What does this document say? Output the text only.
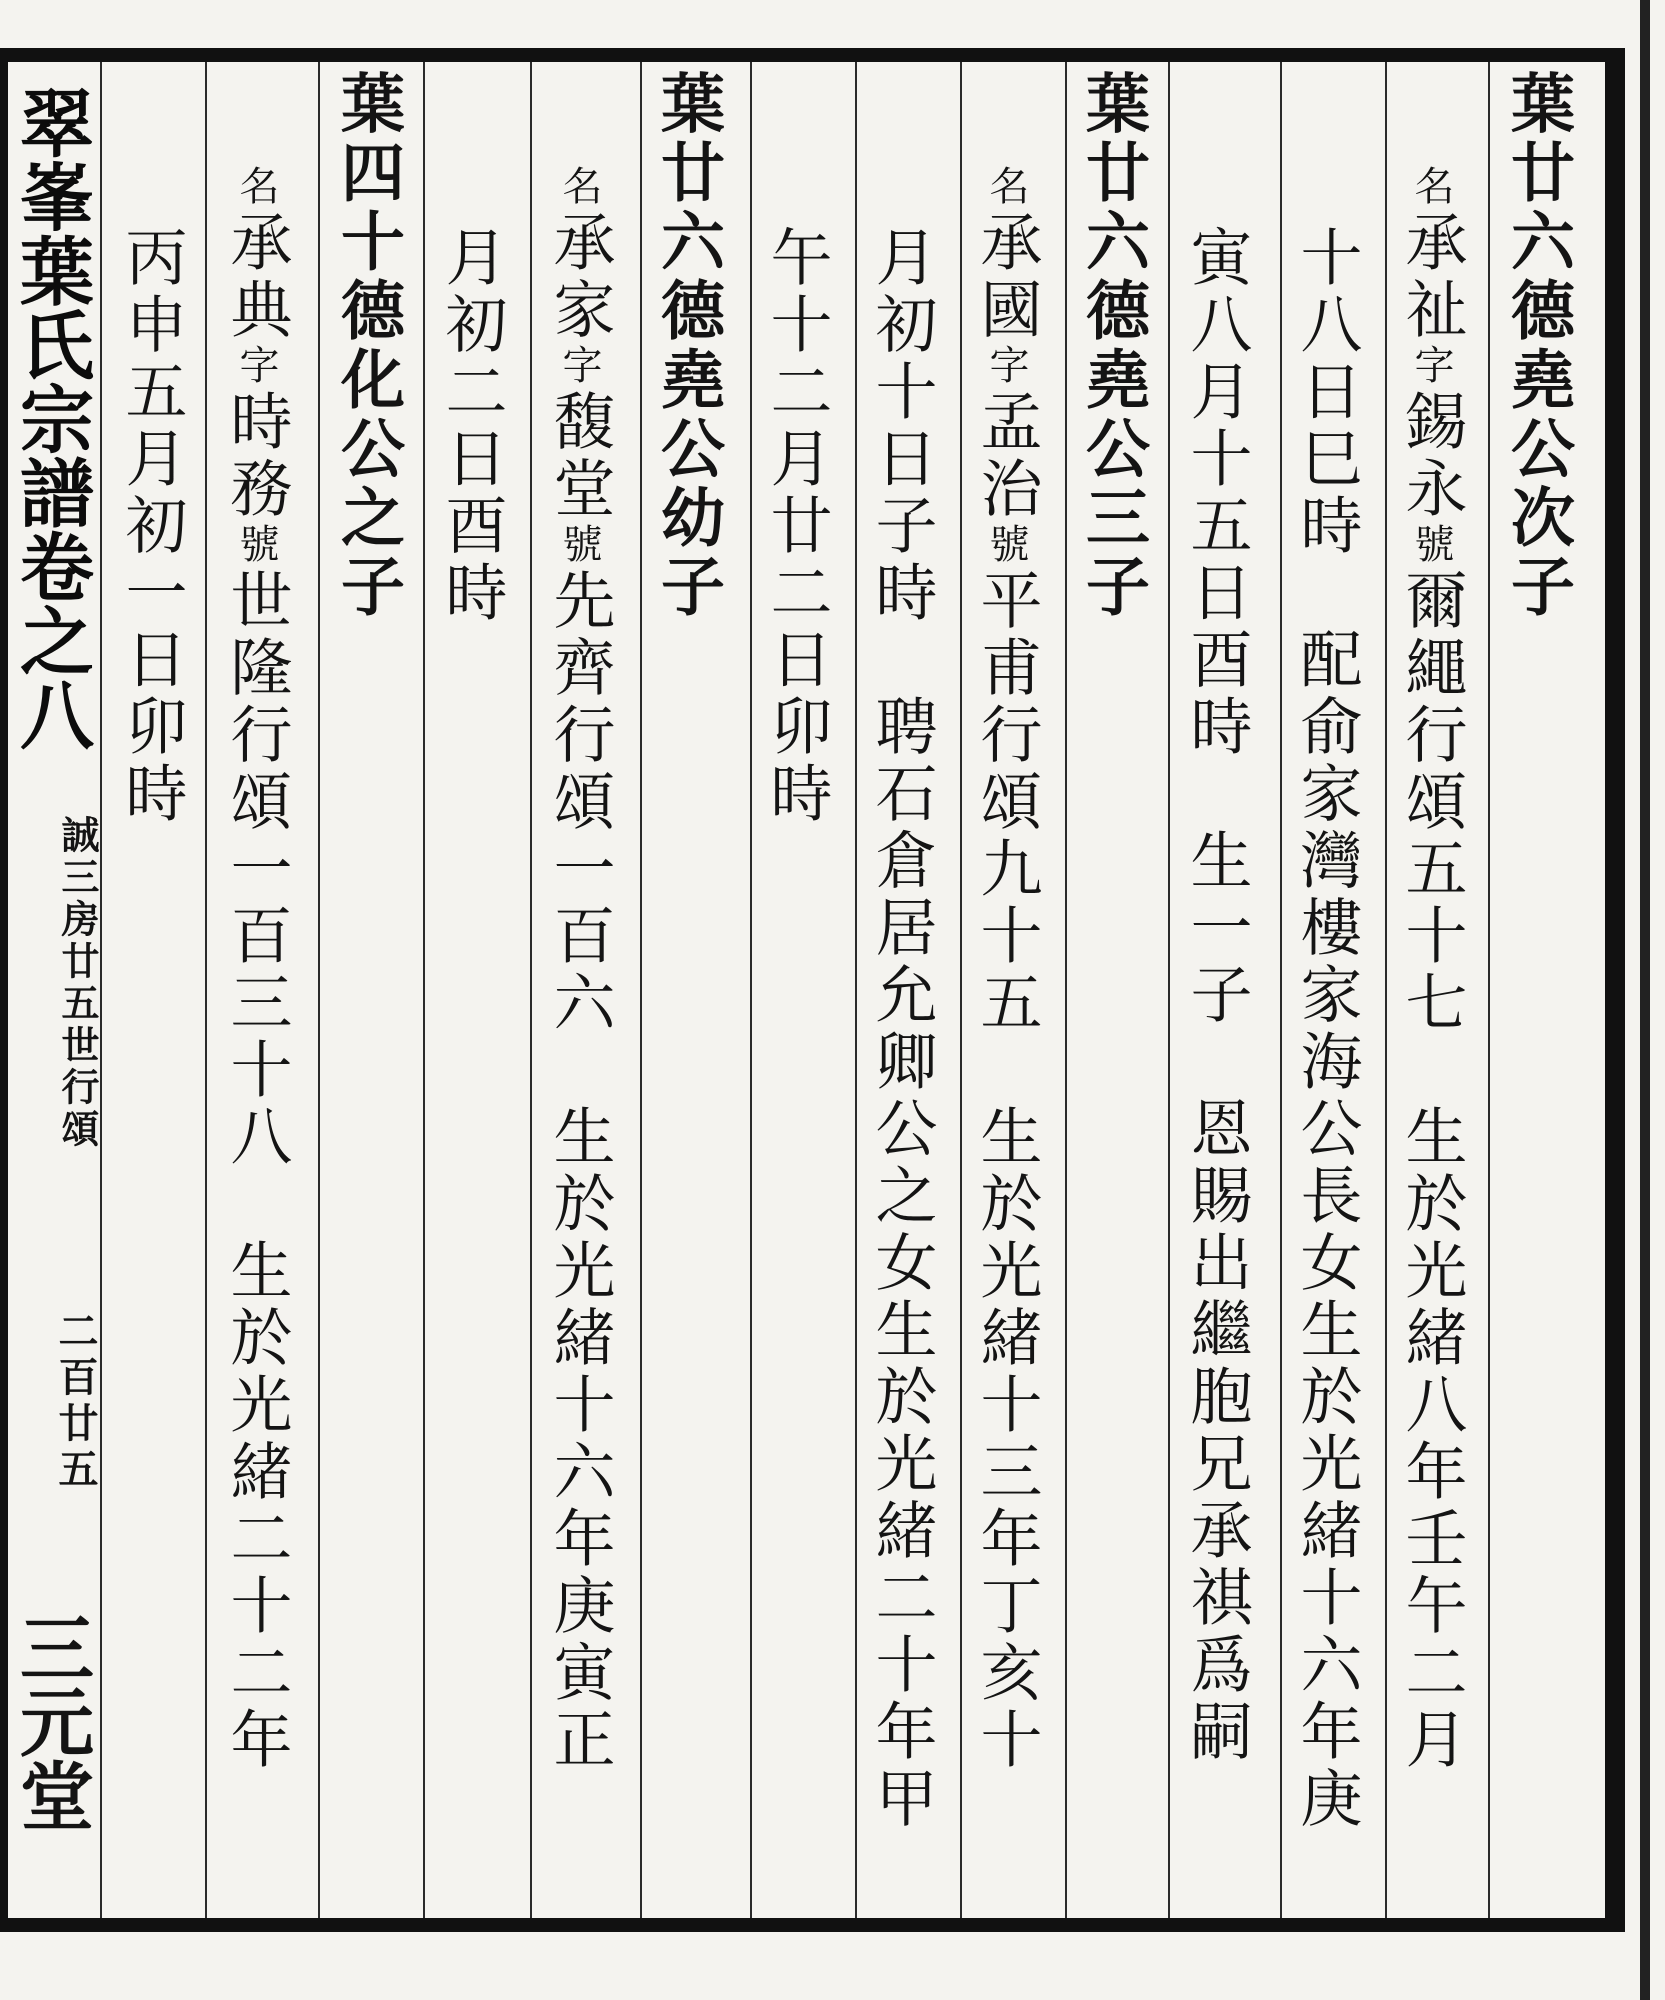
葉廿六德堯公次子
名承祉字錫永號爾繩行頌五十七　生於光緒八年壬午二月
十八日巳時　配俞家灣樓家海公長女生於光緒十六年庚
寅八月十五日酉時　生一子　恩賜出繼胞兄承祺爲嗣
葉廿六德堯公三子
名承國字孟治號平甫行頌九十五　生於光緒十三年丁亥十
月初十日子時　聘石倉居允卿公之女生於光緒二十年甲
午十二月廿二日卯時
葉廿六德堯公幼子
名承家字馥堂號先齊行頌一百六　生於光緒十六年庚寅正
月初二日酉時
葉四十德化公之子
名承典字時務號世隆行頌一百三十八　生於光緒二十二年
丙申五月初一日卯時
翠峯葉氏宗譜卷之八
誠三房廿五世行頌
二百廿五
三元堂
